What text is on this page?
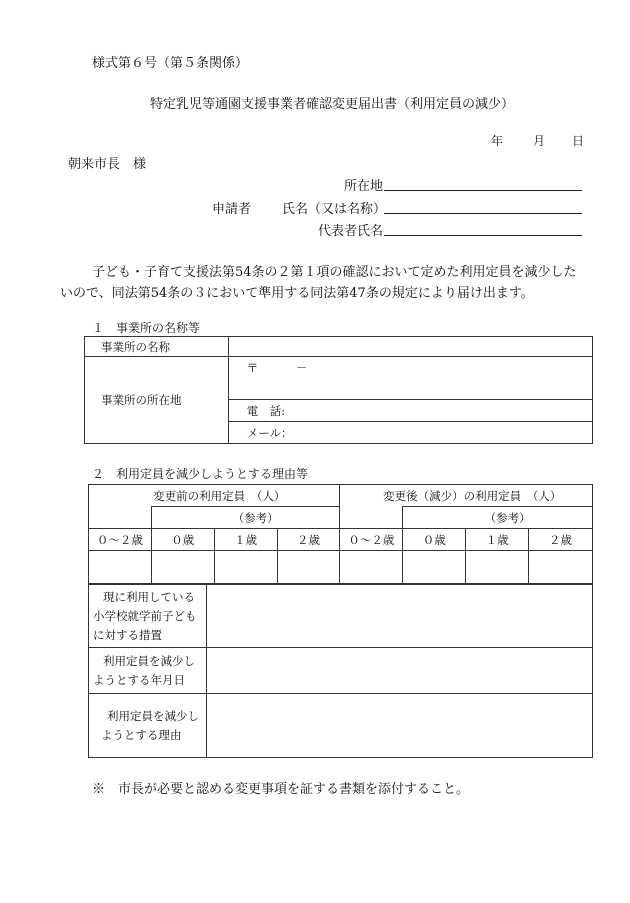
様式第６号（第５条関係）
特定乳児等通園支援事業者確認変更届出書（利用定員の減少）
年 月 日
朝来市長　様
所在地
申請者 氏名（又は名称）
代表者氏名
子ども・子育て支援法第54条の２第１項の確認において定めた利用定員を減少した
いので、同法第54条の３において準用する同法第47条の規定により届け出ます。
１　事業所の名称等
事業所の名称	
事業所の所在地	〒 －
	電　話:
	メール：
２　利用定員を減少しようとする理由等
変更前の利用定員　（人）				変更後（減少）の利用定員　（人）			
	（参考）				（参考）		
０～２歳	０歳	１歳	２歳	０～２歳	０歳	１歳	２歳

現に利用している小学校就学前子どもに対する措置	
利用定員を減少しようとする年月日	
利用定員を減少しようとする理由	
※　市長が必要と認める変更事項を証する書類を添付すること。
